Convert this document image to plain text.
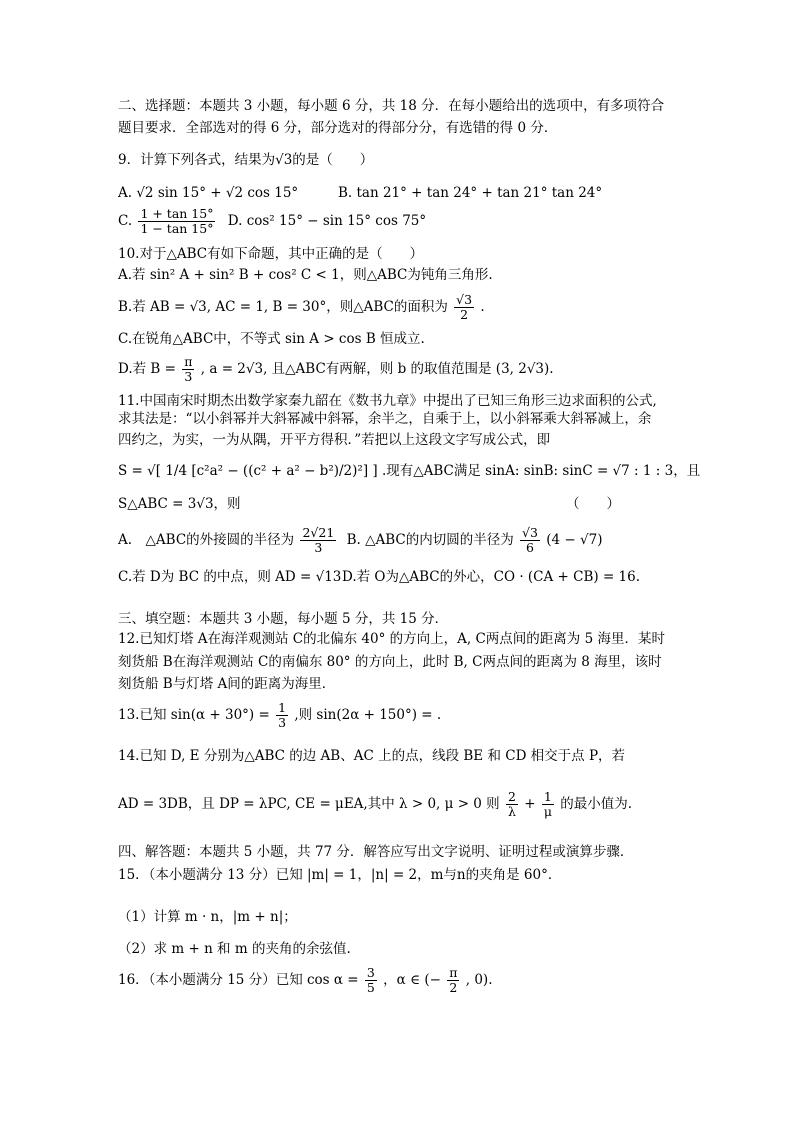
二、选择题：本题共 3 小题，每小题 6 分，共 18 分．在每小题给出的选项中，有多项符合
题目要求．全部选对的得 6 分，部分选对的得部分分，有选错的得 0 分．
9．计算下列各式，结果为√3的是（　　）
A. √2 sin 15° + √2 cos 15°	B. tan 21° + tan 24° + tan 21° tan 24°
C. $\frac{1 + \tan 15^\circ}{1 - \tan 15^\circ} D$. cos² 15° − sin 15° cos 75°
10.对于△ABC有如下命题，其中正确的是（　　）
A.若 sin² A + sin² B + cos² C < 1，则△ABC为钝角三角形.
B.若 AB = √3, AC = 1, B = 30°，则△ABC的面积为 $\frac{√3}{2}$ .
C.在锐角△ABC中，不等式 sin A > cos B 恒成立.
D.若 $B = \frac{\pi}{3}$ , a = 2√3, 且△ABC有两解，则 b 的取值范围是 (3, 2√3).
11.中国南宋时期杰出数学家秦九韶在《数书九章》中提出了已知三角形三边求面积的公式,
求其法是：“以小斜幂并大斜幂减中斜幂，余半之，自乘于上，以小斜幂乘大斜幂减上，余
四约之，为实，一为从隅，开平方得积．”若把以上这段文字写成公式，即
S = √[ 1/4 [c²a² − ((c² + a² − b²)/2)²] ] .现有△ABC满足 sinA: sinB: sinC = √7 : 1 : 3，且
S△ABC = 3√3，则	（　　）
A.　△ABC的外接圆的半径为 $\frac{2√21}{3} B$. △ABC的内切圆的半径为 $\frac{√3}{6} (4 - √7)$
C.若 D为 BC 的中点，则 AD = √13 D.若 O为△ABC的外心，CO · (CA + CB) = 16.
三、填空题：本题共 3 小题，每小题 5 分，共 15 分．
12.已知灯塔 A在海洋观测站 C的北偏东 40° 的方向上，A, C两点间的距离为 5 海里．某时
刻货船 B在海洋观测站 C的南偏东 80° 的方向上，此时 B, C两点间的距离为 8 海里，该时
刻货船 B与灯塔 A间的距离为海里．
13.已知 $\sin(\alpha + 30^\circ) = \frac{1}{3}$ ,则 sin(2α + 150°) = .
14.已知 D, E 分别为△ABC 的边 AB、AC 上的点，线段 BE 和 CD 相交于点 P，若
AD = 3DB，且 DP = λPC, CE = μEA,其中 λ > 0, μ > 0 则 $\frac{2}{\lambda} + \frac{1}{\mu}$ 的最小值为.
四、解答题：本题共 5 小题，共 77 分．解答应写出文字说明、证明过程或演算步骤．
15．（本小题满分 13 分）已知 |m| = 1，|n| = 2，m与n的夹角是 60°．
（1）计算 m · n，|m + n|；
（2）求 m + n 和 m 的夹角的余弦值.
16．（本小题满分 15 分）已知 $\cos \alpha = \frac{3}{5}$ ，α ∈ (− $\frac{\pi}{2}$ , 0).
